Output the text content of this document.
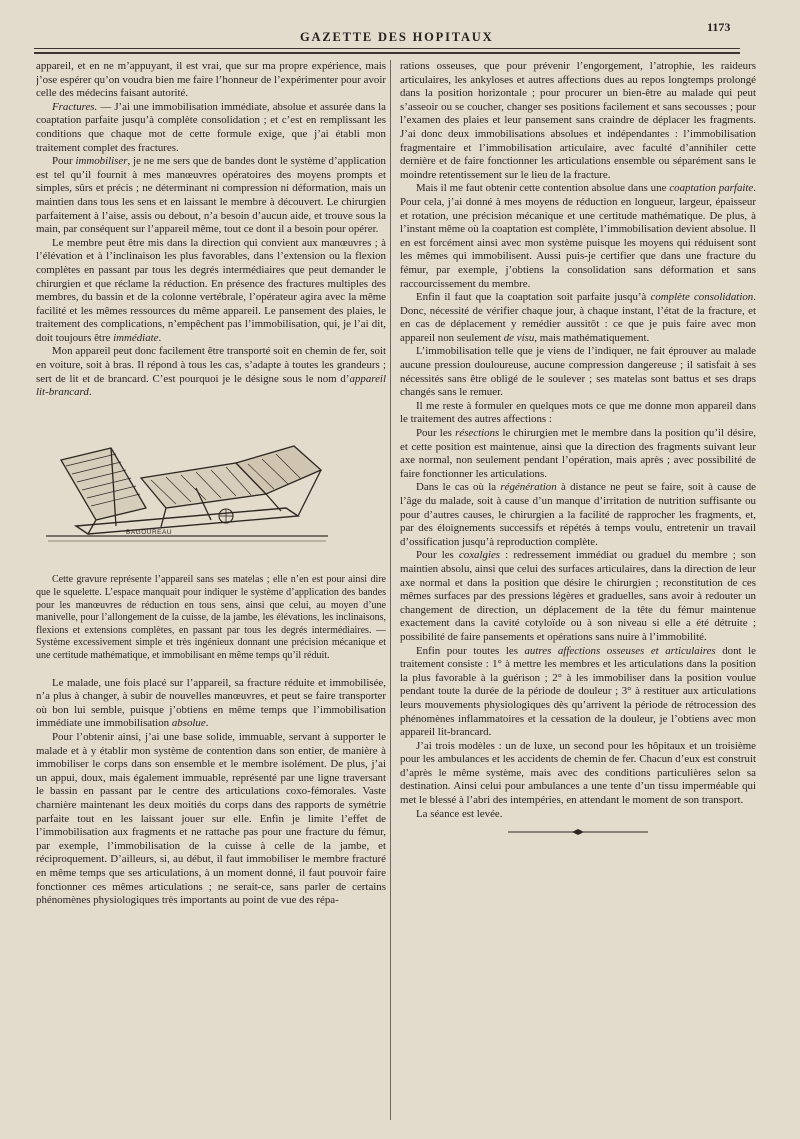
GAZETTE DES HOPITAUX
1173

appareil, et en ne m’appuyant, il est vrai, que sur ma propre expérience, mais j’ose espérer qu’on voudra bien me faire l’honneur de l’expérimenter pour avoir celle des médecins faisant autorité.

Fractures. — J’ai une immobilisation immédiate, absolue et assurée dans la coaptation parfaite jusqu’à complète consolidation ; et c’est en remplissant les conditions que chaque mot de cette formule exige, que j’ai établi mon traitement complet des fractures.

Pour immobiliser, je ne me sers que de bandes dont le système d’application est tel qu’il fournit à mes manœuvres opératoires des moyens prompts et simples, sûrs et précis ; ne déterminant ni compression ni déformation, mais un maintien dans tous les sens et en laissant le membre à découvert. Le chirurgien parfaitement à l’aise, assis ou debout, n’a besoin d’aucun aide, et trouve sous la main, par conséquent sur l’appareil même, tout ce dont il a besoin pour opérer.

Le membre peut être mis dans la direction qui convient aux manœuvres ; à l’élévation et à l’inclinaison les plus favorables, dans l’extension ou la flexion complètes en passant par tous les degrés intermédiaires que peut demander le chirurgien et que réclame la réduction. En présence des fractures multiples des membres, du bassin et de la colonne vertébrale, l’opérateur agira avec la même facilité et les mêmes ressources du même appareil. Le pansement des plaies, le traitement des complications, n’empêchent pas l’immobilisation, qui, je l’ai dit, doit toujours être immédiate.

Mon appareil peut donc facilement être transporté soit en chemin de fer, soit en voiture, soit à bras. Il répond à tous les cas, s’adapte à toutes les grandeurs ; sert de lit et de brancard. C’est pourquoi je le désigne sous le nom d’appareil lit-brancard.

BAGOUREAU

Cette gravure représente l’appareil sans ses matelas ; elle n’en est pour ainsi dire que le squelette. L’espace manquait pour indiquer le système d’application des bandes pour les manœuvres de réduction en tous sens, ainsi que celui, au moyen d’une manivelle, pour l’allongement de la cuisse, de la jambe, les élévations, les inclinaisons, flexions et extensions complètes, en passant par tous les degrés intermédiaires. — Système excessivement simple et très ingénieux donnant une précision mécanique et une certitude mathématique, et immobilisant en même temps qu’il réduit.

Le malade, une fois placé sur l’appareil, sa fracture réduite et immobilisée, n’a plus à changer, à subir de nouvelles manœuvres, et peut se faire transporter où bon lui semble, puisque j’obtiens en même temps que l’immobilisation immédiate une immobilisation absolue.

Pour l’obtenir ainsi, j’ai une base solide, immuable, servant à supporter le malade et à y établir mon système de contention dans son entier, de manière à immobiliser le corps dans son ensemble et le membre isolément. De plus, j’ai un appui, doux, mais également immuable, représenté par une ligne traversant le bassin en passant par le centre des articulations coxo-fémorales. Vaste charnière maintenant les deux moitiés du corps dans des rapports de symétrie parfaite tout en les laissant jouer sur elle. Enfin je limite l’effet de l’immobilisation aux fragments et ne rattache pas pour une fracture du fémur, par exemple, l’immobilisation de la cuisse à celle de la jambe, et réciproquement. D’ailleurs, si, au début, il faut immobiliser le membre fracturé en même temps que ses articulations, à un moment donné, il faut pouvoir faire fonctionner ces mêmes articulations ; ne serait-ce, sans parler de certains phénomènes physiologiques très importants au point de vue des répa-

rations osseuses, que pour prévenir l’engorgement, l’atrophie, les raideurs articulaires, les ankyloses et autres affections dues au repos longtemps prolongé dans la position horizontale ; pour procurer un bien-être au malade qui peut s’asseoir ou se coucher, changer ses positions facilement et sans secousses ; pour l’examen des plaies et leur pansement sans craindre de déplacer les fragments. J’ai donc deux immobilisations absolues et indépendantes : l’immobilisation fragmentaire et l’immobilisation articulaire, avec faculté d’annihiler cette dernière et de faire fonctionner les articulations ensemble ou séparément sans le moindre retentissement sur le lieu de la fracture.

Mais il me faut obtenir cette contention absolue dans une coaptation parfaite. Pour cela, j’ai donné à mes moyens de réduction en longueur, largeur, épaisseur et rotation, une précision mécanique et une certitude mathématique. De plus, à l’instant même où la coaptation est complète, l’immobilisation devient absolue. Il en est forcément ainsi avec mon système puisque les moyens qui réduisent sont les mêmes qui immobilisent. Aussi puis-je certifier que dans une fracture du fémur, par exemple, j’obtiens la consolidation sans déformation et sans raccourcissement du membre.

Enfin il faut que la coaptation soit parfaite jusqu’à complète consolidation. Donc, nécessité de vérifier chaque jour, à chaque instant, l’état de la fracture, et en cas de déplacement y remédier aussitôt : ce que je puis faire avec mon appareil non seulement de visu, mais mathématiquement.

L’immobilisation telle que je viens de l’indiquer, ne fait éprouver au malade aucune pression douloureuse, aucune compression dangereuse ; il satisfait à ses nécessités sans être obligé de le soulever ; ses matelas sont battus et ses draps changés sans le remuer.

Il me reste à formuler en quelques mots ce que me donne mon appareil dans le traitement des autres affections :

Pour les résections le chirurgien met le membre dans la position qu’il désire, et cette position est maintenue, ainsi que la direction des fragments suivant leur axe normal, non seulement pendant l’opération, mais après ; avec possibilité de faire fonctionner les articulations.

Dans le cas où la régénération à distance ne peut se faire, soit à cause de l’âge du malade, soit à cause d’un manque d’irritation de nutrition suffisante ou pour d’autres causes, le chirurgien a la facilité de rapprocher les fragments, et, par des éloignements successifs et répétés à temps voulu, entretenir un travail d’ossification jusqu’à reproduction complète.

Pour les coxalgies : redressement immédiat ou graduel du membre ; son maintien absolu, ainsi que celui des surfaces articulaires, dans la direction de leur axe normal et dans la position que désire le chirurgien ; reconstitution de ces mêmes surfaces par des pressions légères et graduelles, sans avoir à redouter un changement de direction, un déplacement de la tête du fémur maintenue exactement dans la cavité cotyloïde ou à son niveau si elle a été détruite ; possibilité de faire pansements et opérations sans nuire à l’immobilité.

Enfin pour toutes les autres affections osseuses et articulaires dont le traitement consiste : 1° à mettre les membres et les articulations dans la position la plus favorable à la guérison ; 2° à les immobiliser dans la position voulue pendant toute la durée de la période de douleur ; 3° à restituer aux articulations leurs mouvements physiologiques dès qu’arrivent la période de rétrocession des phénomènes inflammatoires et la cessation de la douleur, je l’obtiens avec mon appareil lit-brancard.

J’ai trois modèles : un de luxe, un second pour les hôpitaux et un troisième pour les ambulances et les accidents de chemin de fer. Chacun d’eux est construit d’après le même système, mais avec des conditions particulières selon sa destination. Ainsi celui pour ambulances a une tente d’un tissu imperméable qui met le blessé à l’abri des intempéries, en attendant le moment de son transport.

La séance est levée.
